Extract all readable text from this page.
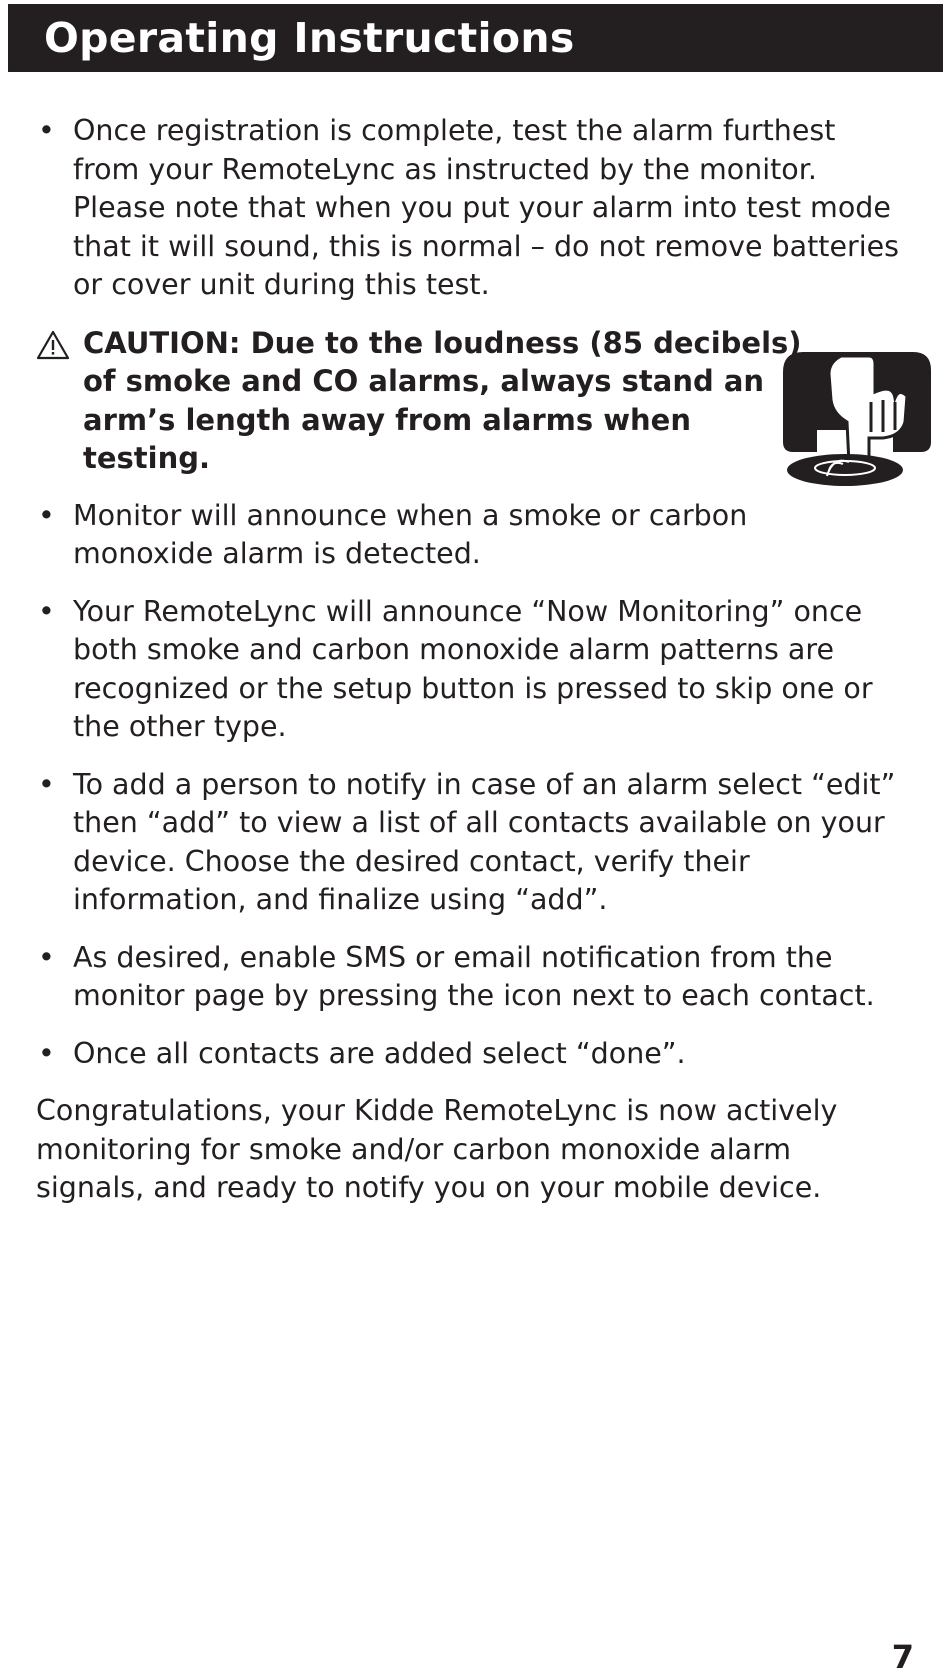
Operating Instructions
• Once registration is complete, test the alarm furthest from your RemoteLync as instructed by the monitor. Please note that when you put your alarm into test mode that it will sound, this is normal – do not remove batteries or cover unit during this test.
CAUTION: Due to the loudness (85 decibels) of smoke and CO alarms, always stand an arm’s length away from alarms when testing.
• Monitor will announce when a smoke or carbon monoxide alarm is detected.
• Your RemoteLync will announce “Now Monitoring” once both smoke and carbon monoxide alarm patterns are recognized or the setup button is pressed to skip one or the other type.
• To add a person to notify in case of an alarm select “edit” then “add” to view a list of all contacts available on your device. Choose the desired contact, verify their information, and finalize using “add”.
• As desired, enable SMS or email notification from the monitor page by pressing the icon next to each contact.
• Once all contacts are added select “done”.

Congratulations, your Kidde RemoteLync is now actively monitoring for smoke and/or carbon monoxide alarm signals, and ready to notify you on your mobile device.

7
